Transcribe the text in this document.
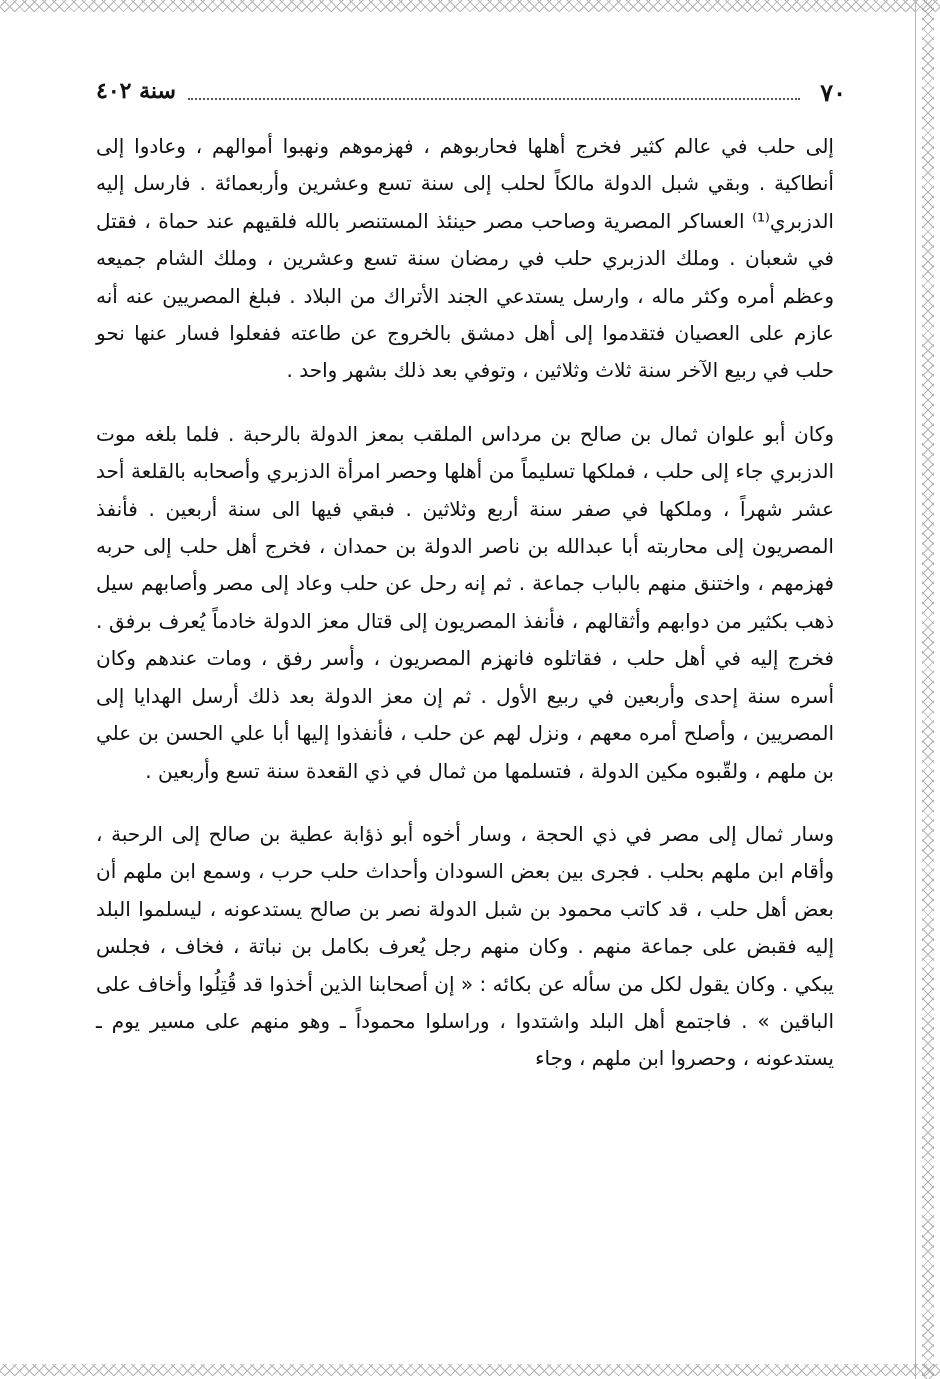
٧٠
سنة ٤٠٢

إلى حلب في عالم كثير فخرج أهلها فحاربوهم ، فهزموهم ونهبوا أموالهم ، وعادوا إلى أنطاكية . وبقي شبل الدولة مالكاً لحلب إلى سنة تسع وعشرين وأربعمائة . فارسل إليه الدزبري⁽¹⁾ العساكر المصرية وصاحب مصر حينئذ المستنصر بالله فلقيهم عند حماة ، فقتل في شعبان . وملك الدزبري حلب في رمضان سنة تسع وعشرين ، وملك الشام جميعه وعظم أمره وكثر ماله ، وارسل يستدعي الجند الأتراك من البلاد . فبلغ المصريين عنه أنه عازم على العصيان فتقدموا إلى أهل دمشق بالخروج عن طاعته ففعلوا فسار عنها نحو حلب في ربيع الآخر سنة ثلاث وثلاثين ، وتوفي بعد ذلك بشهر واحد .

وكان أبو علوان ثمال بن صالح بن مرداس الملقب بمعز الدولة بالرحبة . فلما بلغه موت الدزبري جاء إلى حلب ، فملكها تسليماً من أهلها وحصر امرأة الدزبري وأصحابه بالقلعة أحد عشر شهراً ، وملكها في صفر سنة أربع وثلاثين . فبقي فيها الى سنة أربعين . فأنفذ المصريون إلى محاربته أبا عبدالله بن ناصر الدولة بن حمدان ، فخرج أهل حلب إلى حربه فهزمهم ، واختنق منهم بالباب جماعة . ثم إنه رحل عن حلب وعاد إلى مصر وأصابهم سيل ذهب بكثير من دوابهم وأثقالهم ، فأنفذ المصريون إلى قتال معز الدولة خادماً يُعرف برفق . فخرج إليه في أهل حلب ، فقاتلوه فانهزم المصريون ، وأسر رفق ، ومات عندهم وكان أسره سنة إحدى وأربعين في ربيع الأول . ثم إن معز الدولة بعد ذلك أرسل الهدايا إلى المصريين ، وأصلح أمره معهم ، ونزل لهم عن حلب ، فأنفذوا إليها أبا علي الحسن بن علي بن ملهم ، ولقّبوه مكين الدولة ، فتسلمها من ثمال في ذي القعدة سنة تسع وأربعين .

وسار ثمال إلى مصر في ذي الحجة ، وسار أخوه أبو ذؤابة عطية بن صالح إلى الرحبة ، وأقام ابن ملهم بحلب . فجرى بين بعض السودان وأحداث حلب حرب ، وسمع ابن ملهم أن بعض أهل حلب ، قد كاتب محمود بن شبل الدولة نصر بن صالح يستدعونه ، ليسلموا البلد إليه فقبض على جماعة منهم . وكان منهم رجل يُعرف بكامل بن نباتة ، فخاف ، فجلس يبكي . وكان يقول لكل من سأله عن بكائه : « إن أصحابنا الذين أخذوا قد قُتِلُوا وأخاف على الباقين » . فاجتمع أهل البلد واشتدوا ، وراسلوا محموداً ـ وهو منهم على مسير يوم ـ يستدعونه ، وحصروا ابن ملهم ، وجاء
